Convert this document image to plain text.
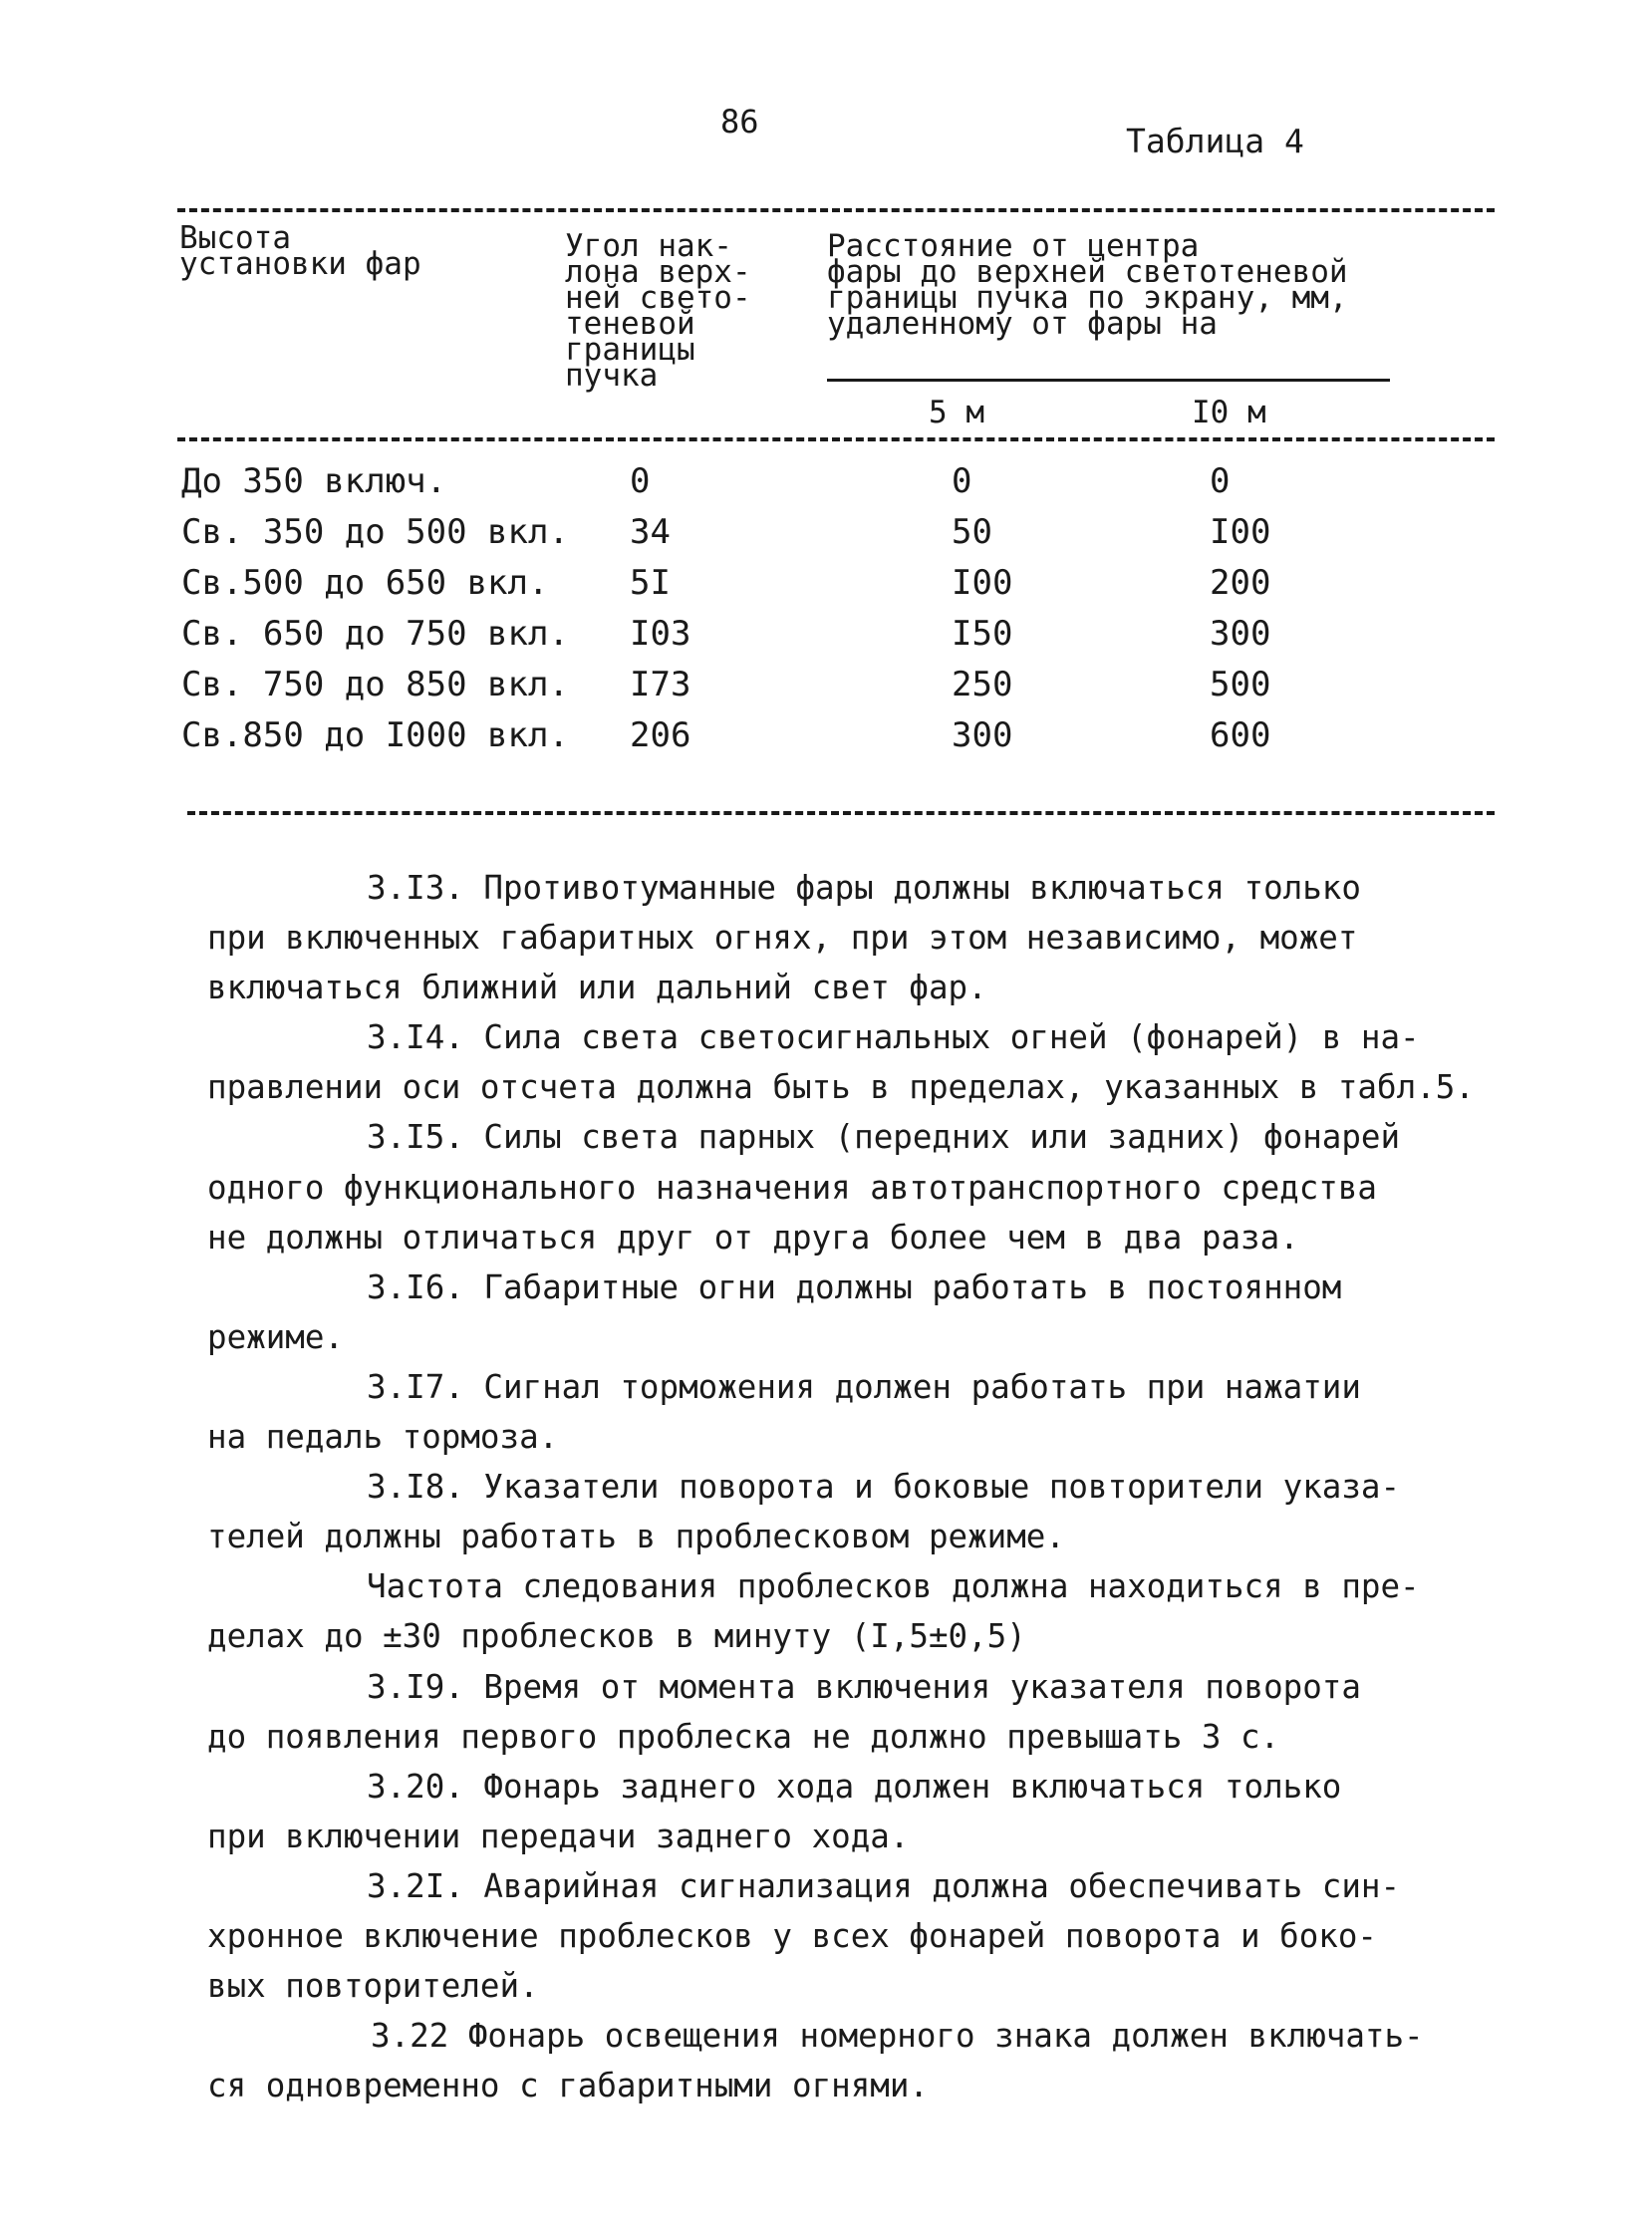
86	Таблица 4
Высота
установки фар	Угол нак-
лона верх-
ней свето-
теневой
границы
пучка
Расстояние от центра
фары до верхней светотеневой
границы пучка по экрану, мм,
удаленному от фары на
5 м	I0 м
До 350 включ.	0	0	0
Св. 350 до 500 вкл. 34	50	I00
Св.500 до 650 вкл. 5I	I00	200
Св. 650 до 750 вкл. I03	I50	300
Св. 750 до 850 вкл. I73	250	500
Св.850 до I000 вкл. 206	300	600

3.I3. Противотуманные фары должны включаться только

при включенных габаритных огнях, при этом независимо, может

включаться ближний или дальний свет фар.

3.I4. Сила света светосигнальных огней (фонарей) в на-

правлении оси отсчета должна быть в пределах, указанных в табл.5.

3.I5. Силы света парных (передних или задних) фонарей

одного функционального назначения автотранспортного средства

не должны отличаться друг от друга более чем в два раза.

3.I6. Габаритные огни должны работать в постоянном

режиме.

3.I7. Сигнал торможения должен работать при нажатии

на педаль тормоза.

3.I8. Указатели поворота и боковые повторители указа-

телей должны работать в проблесковом режиме.

Частота следования проблесков должна находиться в пре-

делах до ±30 проблесков в минуту (I,5±0,5)

3.I9. Время от момента включения указателя поворота

до появления первого проблеска не должно превышать 3 с.

3.20. Фонарь заднего хода должен включаться только

при включении передачи заднего хода.

3.2I. Аварийная сигнализация должна обеспечивать син-

хронное включение проблесков у всех фонарей поворота и боко-

вых повторителей.

3.22 Фонарь освещения номерного знака должен включать-

ся одновременно с габаритными огнями.
